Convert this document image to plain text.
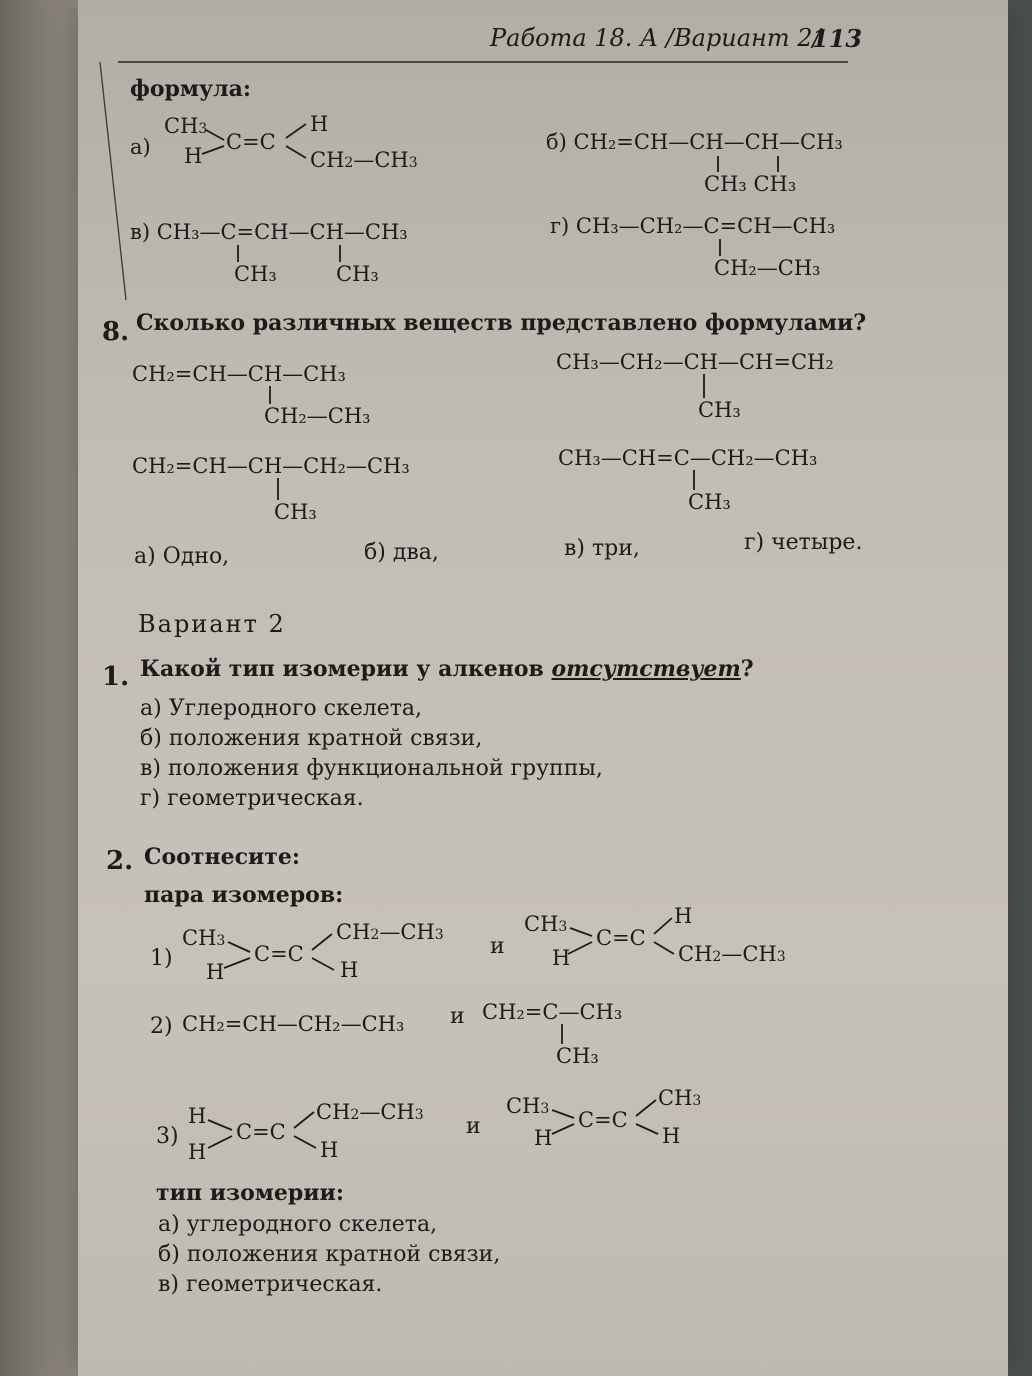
Работа 18. А /Вариант 2/
113
формула:
а)
CH3
H
C=C
H
CH2—CH3
б) CH₂=CH—CH—CH—CH₃
CH₃ CH₃
в) CH₃—C=CH—CH—CH₃
CH₃	CH₃
г) CH₃—CH₂—C=CH—CH₃
CH₂—CH₃
8. Сколько различных веществ представлено формулами?
CH₂=CH—CH—CH₃
CH₂—CH₃
CH₃—CH₂—CH—CH=CH₂
CH₃
CH₂=CH—CH—CH₂—CH₃
CH₃
CH₃—CH=C—CH₂—CH₃
CH₃
а) Одно,	б) два,	в) три,	г) четыре.
Вариант 2
1. Какой тип изомерии у алкенов отсутствует?
а) Углеродного скелета,
б) положения кратной связи,
в) положения функциональной группы,
г) геометрическая.
2. Соотнесите:
пара изомеров:
1)
CH3
H
C=C
CH2—CH3
H
и
CH3
H
C=C
H
CH2—CH3
2) CH₂=CH—CH₂—CH₃ и CH₂=C—CH₃
CH₃
3)
H
H
C=C
CH2—CH3
H
и
CH3
H
C=C
CH3
H
тип изомерии:
а) углеродного скелета,
б) положения кратной связи,
в) геометрическая.
